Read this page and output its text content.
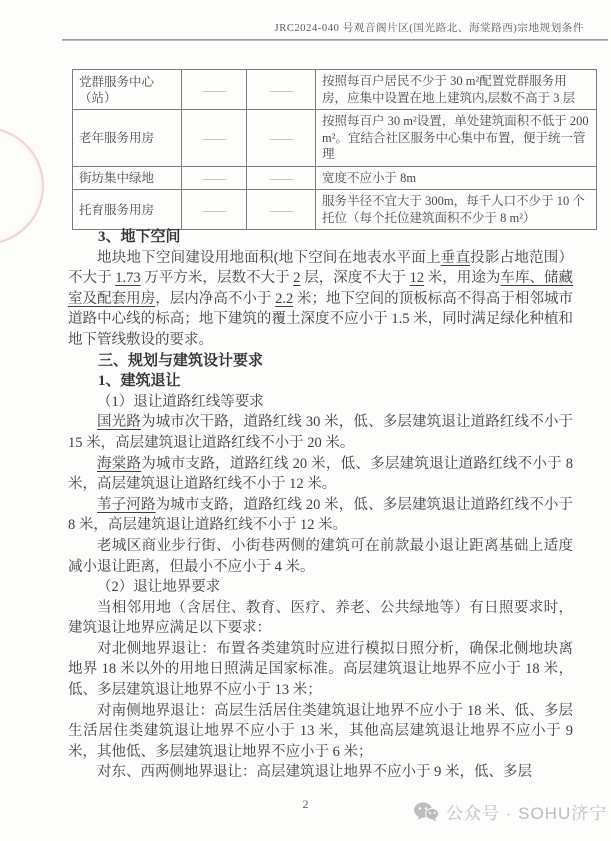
JRC2024-040 号观音阁片区(国光路北、海棠路西)宗地规划条件
党群服务中心（站）	——	——	按照每百户居民不少于 30 m²配置党群服务用房，应集中设置在地上建筑内,层数不高于 3 层
老年服务用房	——	——	按照每百户 30 m²设置，单处建筑面积不低于 200 m²。宜结合社区服务中心集中布置，便于统一管理
街坊集中绿地	——	——	宽度不应小于 8m
托育服务用房	——	——	服务半径不宜大于 300m，每千人口不少于 10 个托位（每个托位建筑面积不少于 8 m²）

3、地下空间

地块地下空间建设用地面积(地下空间在地表水平面上垂直投影占地范围）不大于 1.73 万平方米，层数不大于 2 层，深度不大于 12 米，用途为车库、储藏室及配套用房，层内净高不小于 2.2 米；地下空间的顶板标高不得高于相邻城市道路中心线的标高；地下建筑的覆土深度不应小于 1.5 米，同时满足绿化种植和地下管线敷设的要求。

三、规划与建筑设计要求

1、建筑退让

（1）退让道路红线等要求

国光路为城市次干路，道路红线 30 米，低、多层建筑退让道路红线不小于 15 米，高层建筑退让道路红线不小于 20 米。

海棠路为城市支路，道路红线 20 米，低、多层建筑退让道路红线不小于 8 米，高层建筑退让道路红线不小于 12 米。

苇子河路为城市支路，道路红线 20 米，低、多层建筑退让道路红线不小于 8 米，高层建筑退让道路红线不小于 12 米。

老城区商业步行街、小街巷两侧的建筑可在前款最小退让距离基础上适度减小退让距离，但最小不应小于 4 米。

（2）退让地界要求

当相邻用地（含居住、教育、医疗、养老、公共绿地等）有日照要求时，建筑退让地界应满足以下要求：

对北侧地界退让：布置各类建筑时应进行模拟日照分析，确保北侧地块离地界 18 米以外的用地日照满足国家标准。高层建筑退让地界不应小于 18 米，低、多层建筑退让地界不应小于 13 米；

对南侧地界退让：高层生活居住类建筑退让地界不应小于 18 米、低、多层生活居住类建筑退让地界不应小于 13 米，其他高层建筑退让地界不应小于 9 米，其他低、多层建筑退让地界不应小于 6 米；

对东、西两侧地界退让：高层建筑退让地界不应小于 9 米，低、多层

2	公众号 · SOHU济宁
